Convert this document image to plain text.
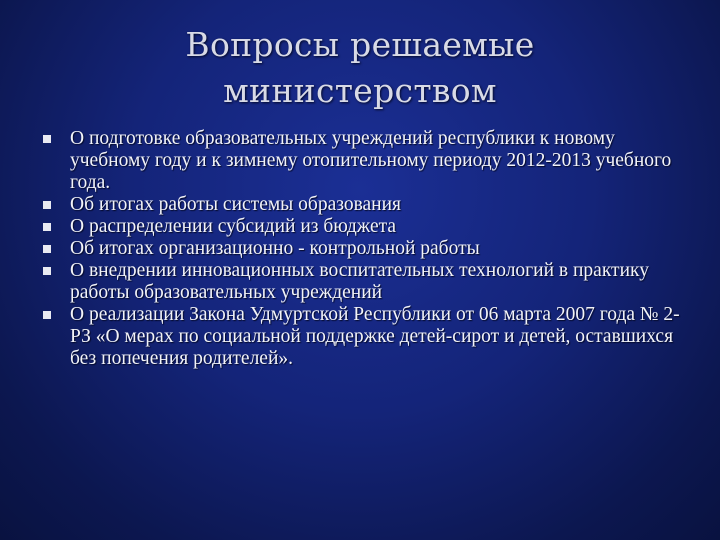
Вопросы решаемые
министерством
О подготовке образовательных учреждений республики к новому учебному году и к зимнему отопительному периоду 2012-2013 учебного года.
Об итогах работы системы образования
О распределении субсидий из бюджета
Об итогах организационно - контрольной работы
О внедрении инновационных воспитательных технологий в практику работы образовательных учреждений
О реализации Закона Удмуртской Республики от 06 марта 2007 года № 2-РЗ «О мерах по социальной поддержке детей-сирот и детей, оставшихся без попечения родителей».
